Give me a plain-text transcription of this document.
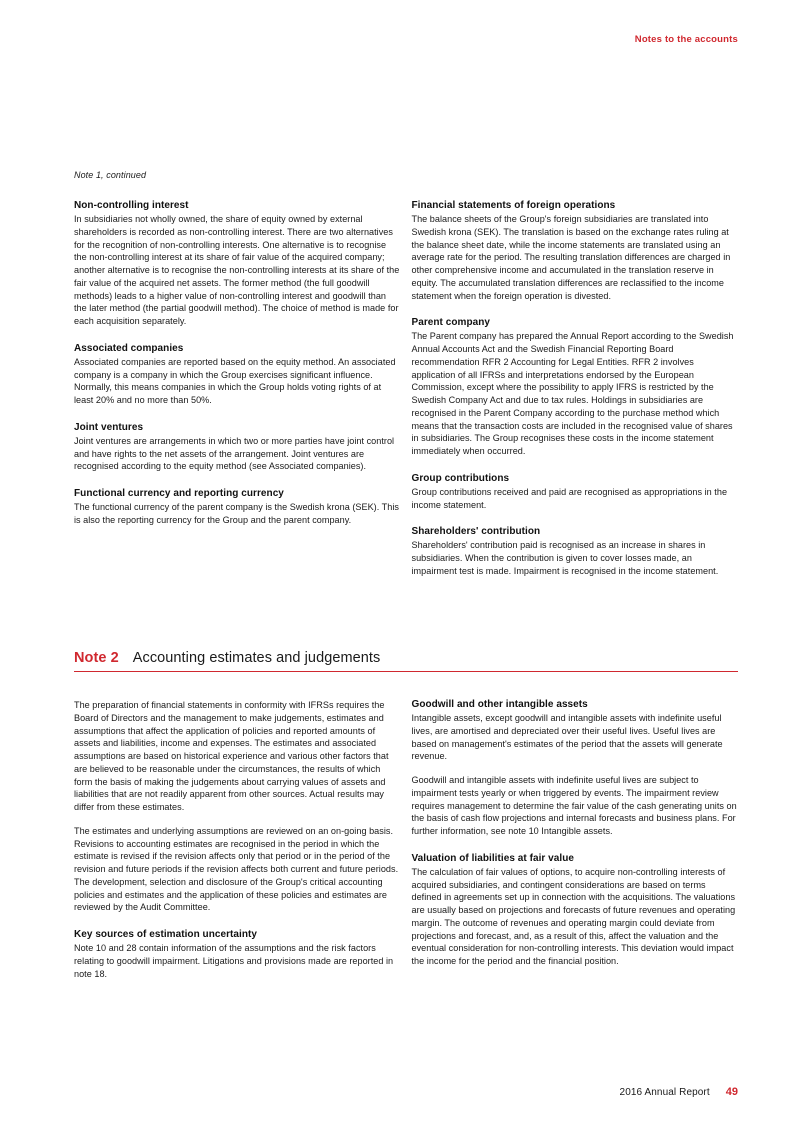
Notes to the accounts
Note 1, continued
Non-controlling interest

In subsidiaries not wholly owned, the share of equity owned by external shareholders is recorded as non-controlling interest. There are two alternatives for the recognition of non-controlling interests. One alternative is to recognise the non-controlling interest at its share of fair value of the acquired company; another alternative is to recognise the non-controlling interests at its share of the fair value of the acquired net assets. The former method (the full goodwill methods) leads to a higher value of non-controlling interest and goodwill than the later method (the partial goodwill method). The choice of method is made for each acquisition separately.

Associated companies

Associated companies are reported based on the equity method. An associated company is a company in which the Group exercises significant influence. Normally, this means companies in which the Group holds voting rights of at least 20% and no more than 50%.

Joint ventures

Joint ventures are arrangements in which two or more parties have joint control and have rights to the net assets of the arrangement. Joint ventures are recognised according to the equity method (see Associated companies).

Functional currency and reporting currency

The functional currency of the parent company is the Swedish krona (SEK). This is also the reporting currency for the Group and the parent company.

Financial statements of foreign operations

The balance sheets of the Group's foreign subsidiaries are translated into Swedish krona (SEK). The translation is based on the exchange rates ruling at the balance sheet date, while the income statements are translated using an average rate for the period. The resulting translation differences are charged in other comprehensive income and accumulated in the translation reserve in equity. The accumulated translation differences are reclassified to the income statement when the foreign operation is divested.

Parent company

The Parent company has prepared the Annual Report according to the Swedish Annual Accounts Act and the Swedish Financial Reporting Board recommendation RFR 2 Accounting for Legal Entities. RFR 2 involves application of all IFRSs and interpretations endorsed by the European Commission, except where the possibility to apply IFRS is restricted by the Swedish Company Act and due to tax rules. Holdings in subsidiaries are recognised in the Parent Company according to the purchase method which means that the transaction costs are included in the recognised value of shares in subsidiaries. The Group recognises these costs in the income statement immediately when occurred.

Group contributions

Group contributions received and paid are recognised as appropriations in the income statement.

Shareholders' contribution

Shareholders' contribution paid is recognised as an increase in shares in subsidiaries. When the contribution is given to cover losses made, an impairment test is made. Impairment is recognised in the income statement.

Note 2 Accounting estimates and judgements

The preparation of financial statements in conformity with IFRSs requires the Board of Directors and the management to make judgements, estimates and assumptions that affect the application of policies and reported amounts of assets and liabilities, income and expenses. The estimates and associated assumptions are based on historical experience and various other factors that are believed to be reasonable under the circumstances, the results of which form the basis of making the judgements about carrying values of assets and liabilities that are not readily apparent from other sources. Actual results may differ from these estimates.

The estimates and underlying assumptions are reviewed on an on-going basis. Revisions to accounting estimates are recognised in the period in which the estimate is revised if the revision affects only that period or in the period of the revision and future periods if the revision affects both current and future periods. The development, selection and disclosure of the Group's critical accounting policies and estimates and the application of these policies and estimates are reviewed by the Audit Committee.

Key sources of estimation uncertainty

Note 10 and 28 contain information of the assumptions and the risk factors relating to goodwill impairment. Litigations and provisions made are reported in note 18.

Goodwill and other intangible assets

Intangible assets, except goodwill and intangible assets with indefinite useful lives, are amortised and depreciated over their useful lives. Useful lives are based on management's estimates of the period that the assets will generate revenue.

Goodwill and intangible assets with indefinite useful lives are subject to impairment tests yearly or when triggered by events. The impairment review requires management to determine the fair value of the cash generating units on the basis of cash flow projections and internal forecasts and business plans. For further information, see note 10 Intangible assets.

Valuation of liabilities at fair value

The calculation of fair values of options, to acquire non-controlling interests of acquired subsidiaries, and contingent considerations are based on terms defined in agreements set up in connection with the acquisitions. The valuations are usually based on projections and forecasts of future revenues and operating margin. The outcome of revenues and operating margin could deviate from projections and forecast, and, as a result of this, affect the valuation and the eventual consideration for non-controlling interests. This deviation would impact the income for the period and the financial position.

2016 Annual Report 49
